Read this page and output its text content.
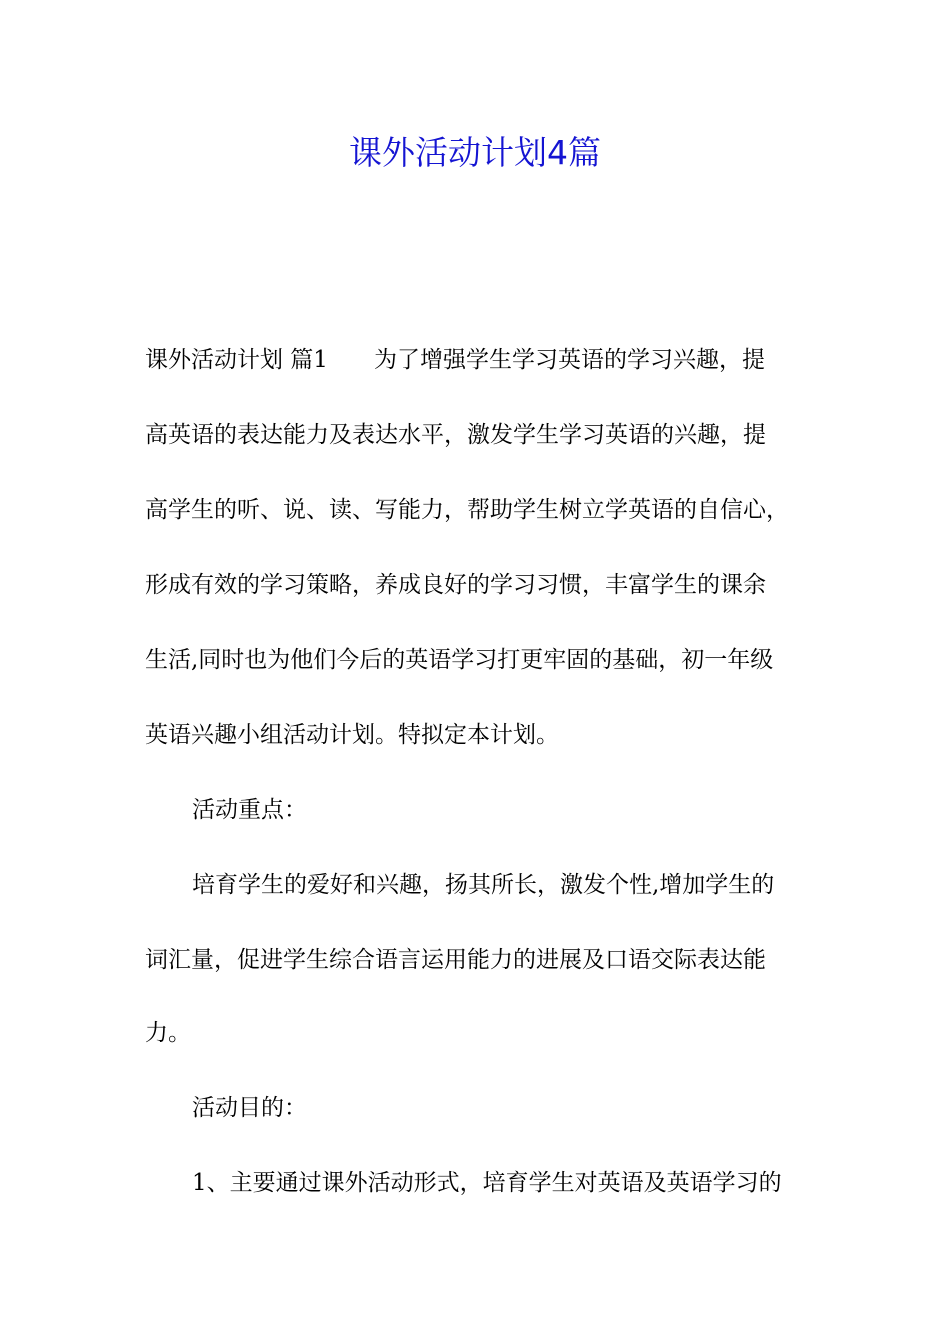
课外活动计划4篇

课外活动计划 篇1 为了增强学生学习英语的学习兴趣，提

高英语的表达能力及表达水平，激发学生学习英语的兴趣，提

高学生的听、说、读、写能力，帮助学生树立学英语的自信心，

形成有效的学习策略，养成良好的学习习惯，丰富学生的课余

生活,同时也为他们今后的英语学习打更牢固的基础，初一年级

英语兴趣小组活动计划。特拟定本计划。

活动重点：

培育学生的爱好和兴趣，扬其所长，激发个性,增加学生的

词汇量，促进学生综合语言运用能力的进展及口语交际表达能

力。

活动目的：

1、主要通过课外活动形式，培育学生对英语及英语学习的
